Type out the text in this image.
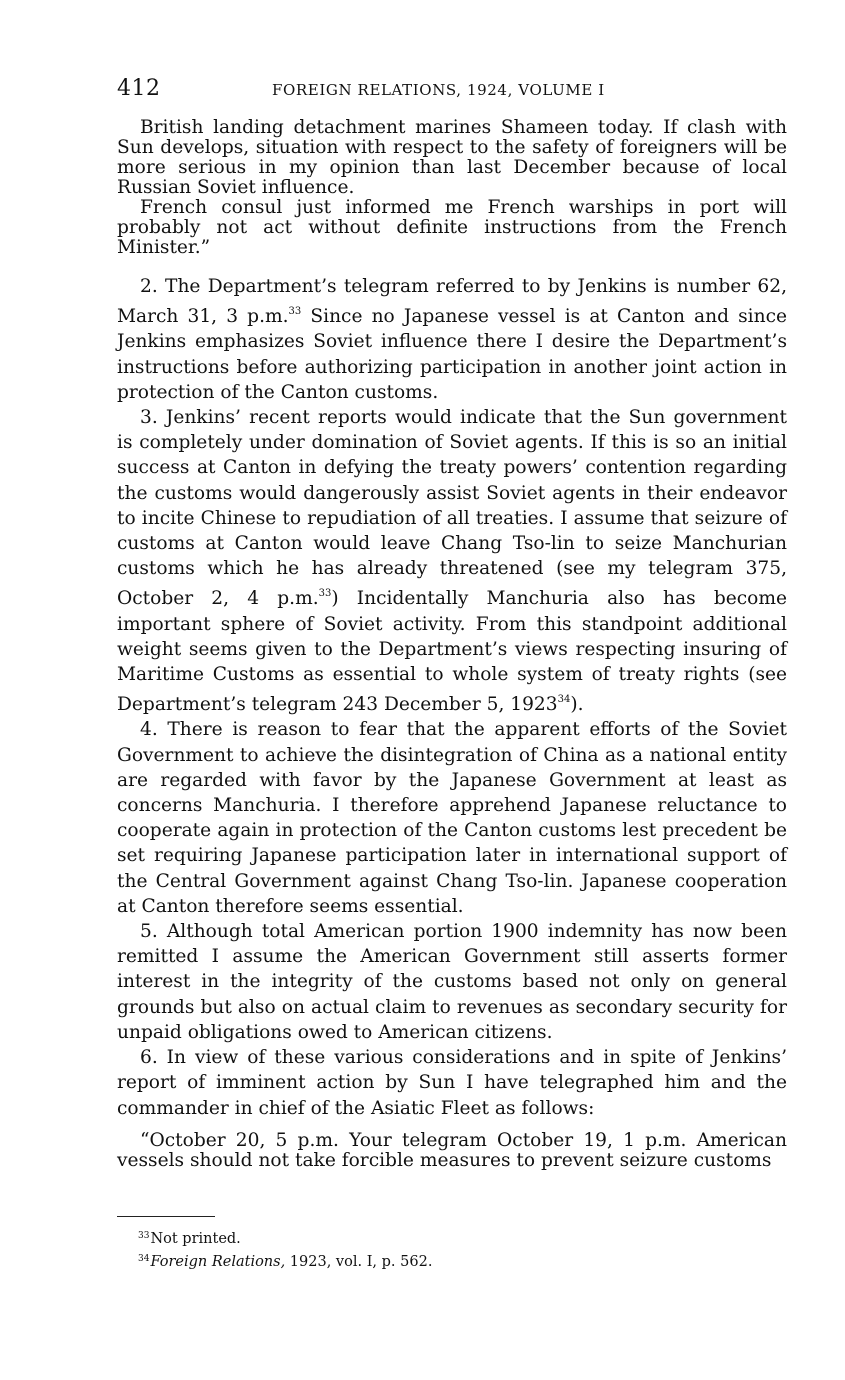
412	FOREIGN RELATIONS, 1924, VOLUME I

British landing detachment marines Shameen today. If clash with Sun develops, situation with respect to the safety of foreigners will be more serious in my opinion than last December because of local Russian Soviet influence.

French consul just informed me French warships in port will probably not act without definite instructions from the French Minister.”

2. The Department’s telegram referred to by Jenkins is number 62, March 31, 3 p.m.$^{33}$ Since no Japanese vessel is at Canton and since Jenkins emphasizes Soviet influence there I desire the Department’s instructions before authorizing participation in another joint action in protection of the Canton customs.

3. Jenkins’ recent reports would indicate that the Sun government is completely under domination of Soviet agents. If this is so an initial success at Canton in defying the treaty powers’ contention regarding the customs would dangerously assist Soviet agents in their endeavor to incite Chinese to repudiation of all treaties. I assume that seizure of customs at Canton would leave Chang Tso-lin to seize Manchurian customs which he has already threatened (see my telegram 375, October 2, 4 p.m.$^{33}$) Incidentally Manchuria also has become important sphere of Soviet activity. From this standpoint additional weight seems given to the Department’s views respecting insuring of Maritime Customs as essential to whole system of treaty rights (see Department’s telegram 243 December 5, 1923$^{34}$).

4. There is reason to fear that the apparent efforts of the Soviet Government to achieve the disintegration of China as a national entity are regarded with favor by the Japanese Government at least as concerns Manchuria. I therefore apprehend Japanese reluctance to cooperate again in protection of the Canton customs lest precedent be set requiring Japanese participation later in international support of the Central Government against Chang Tso-lin. Japanese cooperation at Canton therefore seems essential.

5. Although total American portion 1900 indemnity has now been remitted I assume the American Government still asserts former interest in the integrity of the customs based not only on general grounds but also on actual claim to revenues as secondary security for unpaid obligations owed to American citizens.

6. In view of these various considerations and in spite of Jenkins’ report of imminent action by Sun I have telegraphed him and the commander in chief of the Asiatic Fleet as follows:

“October 20, 5 p.m. Your telegram October 19, 1 p.m. American vessels should not take forcible measures to prevent seizure customs

$^{33}$Not printed.
$^{34}$Foreign Relations, 1923, vol. I, p. 562.
